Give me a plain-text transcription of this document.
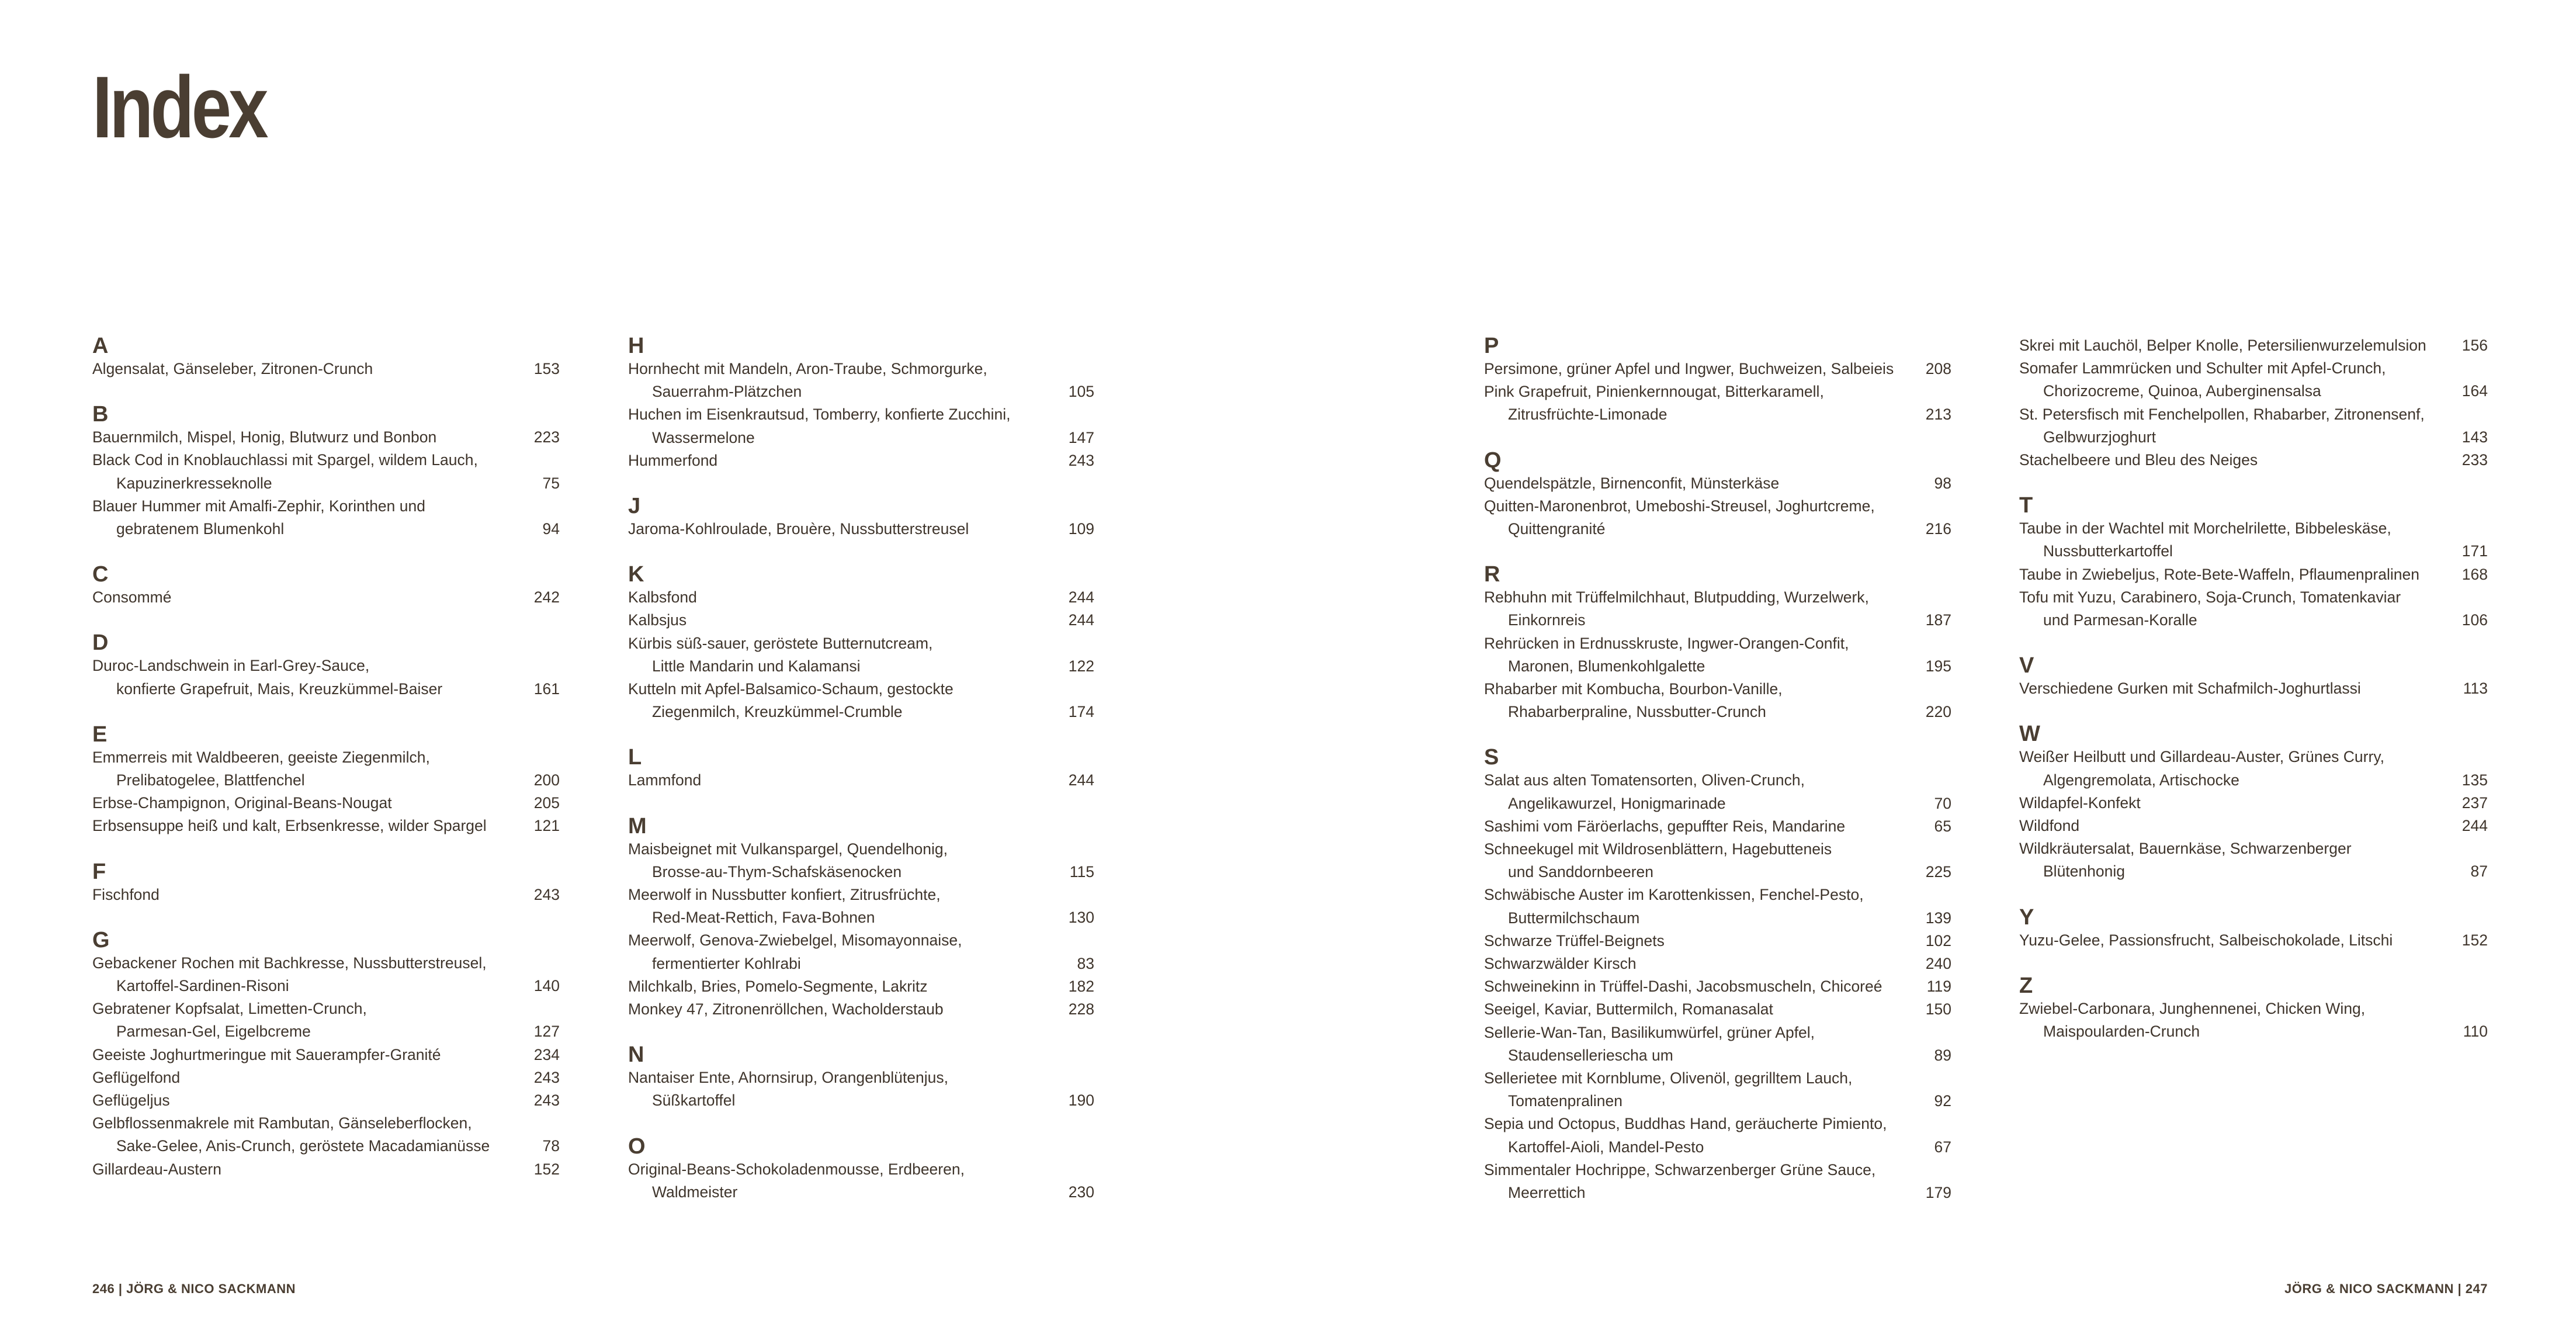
Index
A
Algensalat, Gänseleber, Zitronen-Crunch	153
B
Bauernmilch, Mispel, Honig, Blutwurz und Bonbon	223
Black Cod in Knoblauchlassi mit Spargel, wildem Lauch,
Kapuzinerkresseknolle	75
Blauer Hummer mit Amalfi-Zephir, Korinthen und
gebratenem Blumenkohl	94
C
Consommé	242
D
Duroc-Landschwein in Earl-Grey-Sauce,
konfierte Grapefruit, Mais, Kreuzkümmel-Baiser	161
E
Emmerreis mit Waldbeeren, geeiste Ziegenmilch,
Prelibatogelee, Blattfenchel	200
Erbse-Champignon, Original-Beans-Nougat	205
Erbsensuppe heiß und kalt, Erbsenkresse, wilder Spargel	121
F
Fischfond	243
G
Gebackener Rochen mit Bachkresse, Nussbutterstreusel,
Kartoffel-Sardinen-Risoni	140
Gebratener Kopfsalat, Limetten-Crunch,
Parmesan-Gel, Eigelbcreme	127
Geeiste Joghurtmeringue mit Sauerampfer-Granité	234
Geflügelfond	243
Geflügeljus	243
Gelbflossenmakrele mit Rambutan, Gänseleberflocken,
Sake-Gelee, Anis-Crunch, geröstete Macadamianüsse	78
Gillardeau-Austern	152
H
Hornhecht mit Mandeln, Aron-Traube, Schmorgurke,
Sauerrahm-Plätzchen	105
Huchen im Eisenkrautsud, Tomberry, konfierte Zucchini,
Wassermelone	147
Hummerfond	243
J
Jaroma-Kohlroulade, Brouère, Nussbutterstreusel	109
K
Kalbsfond	244
Kalbsjus	244
Kürbis süß-sauer, geröstete Butternutcream,
Little Mandarin und Kalamansi	122
Kutteln mit Apfel-Balsamico-Schaum, gestockte
Ziegenmilch, Kreuzkümmel-Crumble	174
L
Lammfond	244
M
Maisbeignet mit Vulkanspargel, Quendelhonig,
Brosse-au-Thym-Schafskäsenocken	115
Meerwolf in Nussbutter konfiert, Zitrusfrüchte,
Red-Meat-Rettich, Fava-Bohnen	130
Meerwolf, Genova-Zwiebelgel, Misomayonnaise,
fermentierter Kohlrabi	83
Milchkalb, Bries, Pomelo-Segmente, Lakritz	182
Monkey 47, Zitronenröllchen, Wacholderstaub	228
N
Nantaiser Ente, Ahornsirup, Orangenblütenjus,
Süßkartoffel	190
O
Original-Beans-Schokoladenmousse, Erdbeeren,
Waldmeister	230
P
Persimone, grüner Apfel und Ingwer, Buchweizen, Salbeieis	208
Pink Grapefruit, Pinienkernnougat, Bitterkaramell,
Zitrusfrüchte-Limonade	213
Q
Quendelspätzle, Birnenconfit, Münsterkäse	98
Quitten-Maronenbrot, Umeboshi-Streusel, Joghurtcreme,
Quittengranité	216
R
Rebhuhn mit Trüffelmilchhaut, Blutpudding, Wurzelwerk,
Einkornreis	187
Rehrücken in Erdnusskruste, Ingwer-Orangen-Confit,
Maronen, Blumenkohlgalette	195
Rhabarber mit Kombucha, Bourbon-Vanille,
Rhabarberpraline, Nussbutter-Crunch	220
S
Salat aus alten Tomatensorten, Oliven-Crunch,
Angelikawurzel, Honigmarinade	70
Sashimi vom Färöerlachs, gepuffter Reis, Mandarine	65
Schneekugel mit Wildrosenblättern, Hagebutteneis
und Sanddornbeeren	225
Schwäbische Auster im Karottenkissen, Fenchel-Pesto,
Buttermilchschaum	139
Schwarze Trüffel-Beignets	102
Schwarzwälder Kirsch	240
Schweinekinn in Trüffel-Dashi, Jacobsmuscheln, Chicoreé	119
Seeigel, Kaviar, Buttermilch, Romanasalat	150
Sellerie-Wan-Tan, Basilikumwürfel, grüner Apfel,
Staudenselleriescha um	89
Sellerietee mit Kornblume, Olivenöl, gegrilltem Lauch,
Tomatenpralinen	92
Sepia und Octopus, Buddhas Hand, geräucherte Pimiento,
Kartoffel-Aioli, Mandel-Pesto	67
Simmentaler Hochrippe, Schwarzenberger Grüne Sauce,
Meerrettich	179
Skrei mit Lauchöl, Belper Knolle, Petersilienwurzelemulsion	156
Somafer Lammrücken und Schulter mit Apfel-Crunch,
Chorizocreme, Quinoa, Auberginensalsa	164
St. Petersfisch mit Fenchelpollen, Rhabarber, Zitronensenf,
Gelbwurzjoghurt	143
Stachelbeere und Bleu des Neiges	233
T
Taube in der Wachtel mit Morchelrilette, Bibbeleskäse,
Nussbutterkartoffel	171
Taube in Zwiebeljus, Rote-Bete-Waffeln, Pflaumenpralinen	168
Tofu mit Yuzu, Carabinero, Soja-Crunch, Tomatenkaviar
und Parmesan-Koralle	106
V
Verschiedene Gurken mit Schafmilch-Joghurtlassi	113
W
Weißer Heilbutt und Gillardeau-Auster, Grünes Curry,
Algengremolata, Artischocke	135
Wildapfel-Konfekt	237
Wildfond	244
Wildkräutersalat, Bauernkäse, Schwarzenberger
Blütenhonig	87
Y
Yuzu-Gelee, Passionsfrucht, Salbeischokolade, Litschi	152
Z
Zwiebel-Carbonara, Junghennenei, Chicken Wing,
Maispoularden-Crunch	110
246 | JÖRG & NICO SACKMANN	JÖRG & NICO SACKMANN | 247
